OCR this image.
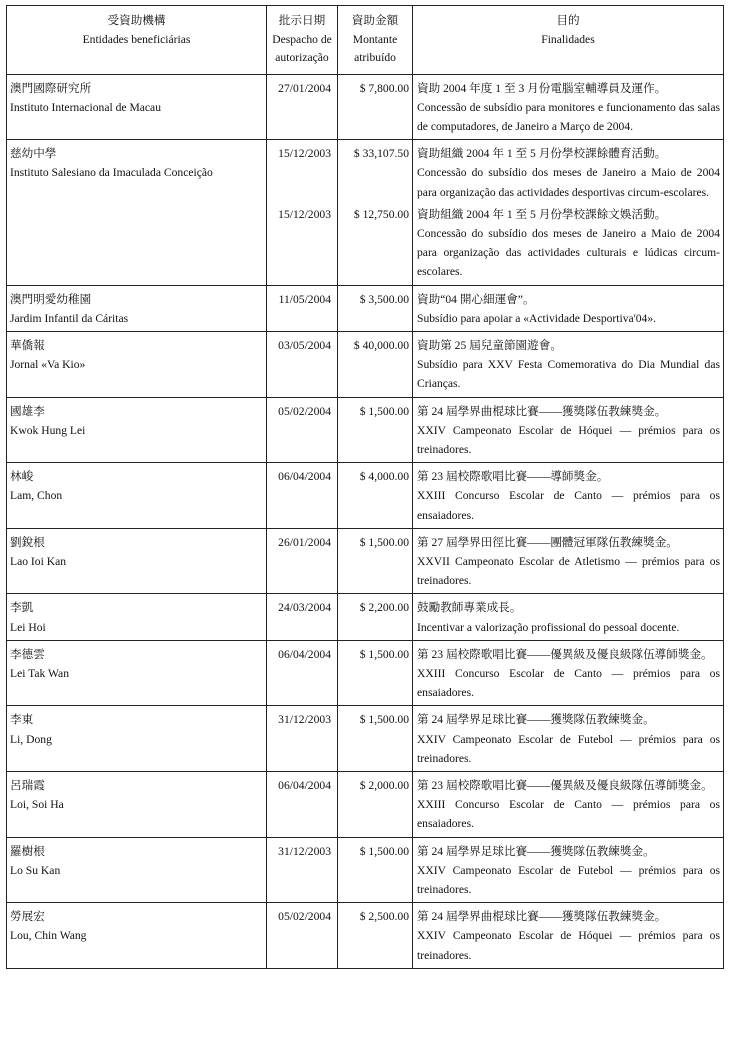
受資助機構
Entidades beneficiárias	批示日期
Despacho de
autorização	資助金額
Montante
atribuído	目的
Finalidades

澳門國際研究所
Instituto Internacional de Macau	27/01/2004	$ 7,800.00	資助 2004 年度 1 至 3 月份電腦室輔導員及運作。
Concessão de subsídio para monitores e funcionamento das salas de computadores, de Janeiro a Março de 2004.

慈幼中學
Instituto Salesiano da Imaculada Conceição	15/12/2003	$ 33,107.50	資助組織 2004 年 1 至 5 月份學校課餘體育活動。
Concessão do subsídio dos meses de Janeiro a Maio de 2004 para organização das actividades desportivas circum-escolares.

	15/12/2003	$ 12,750.00	資助組織 2004 年 1 至 5 月份學校課餘文娛活動。
Concessão do subsídio dos meses de Janeiro a Maio de 2004 para organização das actividades culturais e lúdicas circum-escolares.

澳門明愛幼稚園
Jardim Infantil da Cáritas	11/05/2004	$ 3,500.00	資助“04 開心細運會”。
Subsídio para apoiar a «Actividade Desportiva'04».

華僑報
Jornal «Va Kio»	03/05/2004	$ 40,000.00	資助第 25 屆兒童節園遊會。
Subsídio para XXV Festa Comemorativa do Dia Mundial das Crianças.

國雄李
Kwok Hung Lei	05/02/2004	$ 1,500.00	第 24 屆學界曲棍球比賽——獲獎隊伍教練獎金。
XXIV Campeonato Escolar de Hóquei — prémios para os treinadores.

林峻
Lam, Chon	06/04/2004	$ 4,000.00	第 23 屆校際歌唱比賽——導師獎金。
XXIII Concurso Escolar de Canto — prémios para os ensaiadores.

劉銳根
Lao Ioi Kan	26/01/2004	$ 1,500.00	第 27 屆學界田徑比賽——團體冠軍隊伍教練獎金。
XXVII Campeonato Escolar de Atletismo — prémios para os treinadores.

李凱
Lei Hoi	24/03/2004	$ 2,200.00	鼓勵教師專業成長。
Incentivar a valorização profissional do pessoal docente.

李德雲
Lei Tak Wan	06/04/2004	$ 1,500.00	第 23 屆校際歌唱比賽——優異級及優良級隊伍導師獎金。
XXIII Concurso Escolar de Canto — prémios para os ensaiadores.

李東
Li, Dong	31/12/2003	$ 1,500.00	第 24 屆學界足球比賽——獲獎隊伍教練獎金。
XXIV Campeonato Escolar de Futebol — prémios para os treinadores.

呂瑞霞
Loi, Soi Ha	06/04/2004	$ 2,000.00	第 23 屆校際歌唱比賽——優異級及優良級隊伍導師獎金。
XXIII Concurso Escolar de Canto — prémios para os ensaiadores.

羅樹根
Lo Su Kan	31/12/2003	$ 1,500.00	第 24 屆學界足球比賽——獲獎隊伍教練獎金。
XXIV Campeonato Escolar de Futebol — prémios para os treinadores.

勞展宏
Lou, Chin Wang	05/02/2004	$ 2,500.00	第 24 屆學界曲棍球比賽——獲獎隊伍教練獎金。
XXIV Campeonato Escolar de Hóquei — prémios para os treinadores.
